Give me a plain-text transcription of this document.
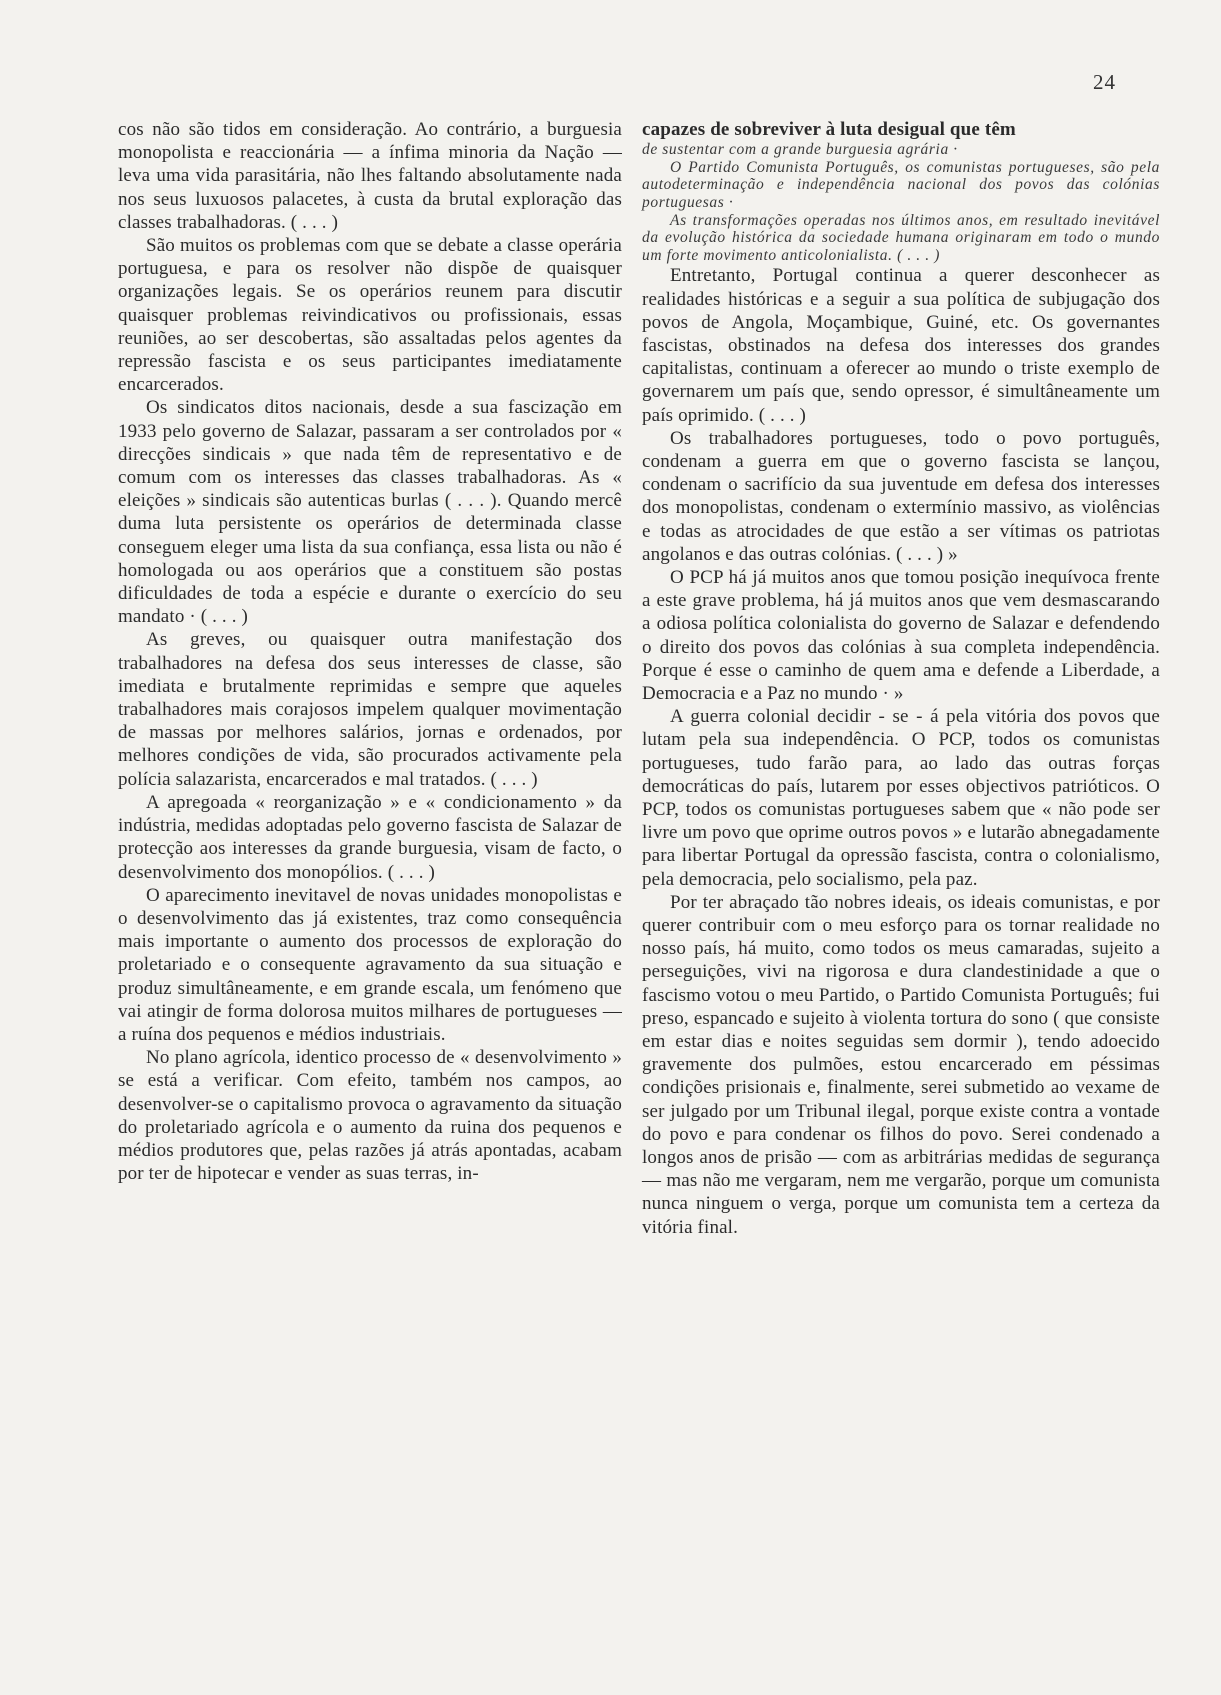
24

cos não são tidos em consideração. Ao contrário, a burguesia monopolista e reaccionária — a ínfima minoria da Nação — leva uma vida parasitária, não lhes faltando absolutamente nada nos seus luxuosos palacetes, à custa da brutal exploração das classes trabalhadoras. ( . . . )

São muitos os problemas com que se debate a classe operária portuguesa, e para os resolver não dispõe de quaisquer organizações legais. Se os operários reunem para discutir quaisquer problemas reivindicativos ou profissionais, essas reuniões, ao ser descobertas, são assaltadas pelos agentes da repressão fascista e os seus participantes imediatamente encarcerados.

Os sindicatos ditos nacionais, desde a sua fascização em 1933 pelo governo de Salazar, passaram a ser controlados por « direcções sindicais » que nada têm de representativo e de comum com os interesses das classes trabalhadoras. As « eleições » sindicais são autenticas burlas ( . . . ). Quando mercê duma luta persistente os operários de determinada classe conseguem eleger uma lista da sua confiança, essa lista ou não é homologada ou aos operários que a constituem são postas dificuldades de toda a espécie e durante o exercício do seu mandato · ( . . . )

As greves, ou quaisquer outra manifestação dos trabalhadores na defesa dos seus interesses de classe, são imediata e brutalmente reprimidas e sempre que aqueles trabalhadores mais corajosos impelem qualquer movimentação de massas por melhores salários, jornas e ordenados, por melhores condições de vida, são procurados activamente pela polícia salazarista, encarcerados e mal tratados. ( . . . )

A apregoada « reorganização » e « condicionamento » da indústria, medidas adoptadas pelo governo fascista de Salazar de protecção aos interesses da grande burguesia, visam de facto, o desenvolvimento dos monopólios. ( . . . )

O aparecimento inevitavel de novas unidades monopolistas e o desenvolvimento das já existentes, traz como consequência mais importante o aumento dos processos de exploração do proletariado e o consequente agravamento da sua situação e produz simultâneamente, e em grande escala, um fenómeno que vai atingir de forma dolorosa muitos milhares de portugueses — a ruína dos pequenos e médios industriais.

No plano agrícola, identico processo de « desenvolvimento » se está a verificar. Com efeito, também nos campos, ao desenvolver-se o capitalismo provoca o agravamento da situação do proletariado agrícola e o aumento da ruina dos pequenos e médios produtores que, pelas razões já atrás apontadas, acabam por ter de hipotecar e vender as suas terras, in-

capazes de sobreviver à luta desigual que têm

de sustentar com a grande burguesia agrária ·

O Partido Comunista Português, os comunistas portugueses, são pela autodeterminação e independência nacional dos povos das colónias portuguesas ·

As transformações operadas nos últimos anos, em resultado inevitável da evolução histórica da sociedade humana originaram em todo o mundo um forte movimento anticolonialista. ( . . . )

Entretanto, Portugal continua a querer desconhecer as realidades históricas e a seguir a sua política de subjugação dos povos de Angola, Moçambique, Guiné, etc. Os governantes fascistas, obstinados na defesa dos interesses dos grandes capitalistas, continuam a oferecer ao mundo o triste exemplo de governarem um país que, sendo opressor, é simultâneamente um país oprimido. ( . . . )

Os trabalhadores portugueses, todo o povo português, condenam a guerra em que o governo fascista se lançou, condenam o sacrifício da sua juventude em defesa dos interesses dos monopolistas, condenam o extermínio massivo, as violências e todas as atrocidades de que estão a ser vítimas os patriotas angolanos e das outras colónias. ( . . . ) »

O PCP há já muitos anos que tomou posição inequívoca frente a este grave problema, há já muitos anos que vem desmascarando a odiosa política colonialista do governo de Salazar e defendendo o direito dos povos das colónias à sua completa independência. Porque é esse o caminho de quem ama e defende a Liberdade, a Democracia e a Paz no mundo · »

A guerra colonial decidir - se - á pela vitória dos povos que lutam pela sua independência. O PCP, todos os comunistas portugueses, tudo farão para, ao lado das outras forças democráticas do país, lutarem por esses objectivos patrióticos. O PCP, todos os comunistas portugueses sabem que « não pode ser livre um povo que oprime outros povos » e lutarão abnegadamente para libertar Portugal da opressão fascista, contra o colonialismo, pela democracia, pelo socialismo, pela paz.

Por ter abraçado tão nobres ideais, os ideais comunistas, e por querer contribuir com o meu esforço para os tornar realidade no nosso país, há muito, como todos os meus camaradas, sujeito a perseguições, vivi na rigorosa e dura clandestinidade a que o fascismo votou o meu Partido, o Partido Comunista Português; fui preso, espancado e sujeito à violenta tortura do sono ( que consiste em estar dias e noites seguidas sem dormir ), tendo adoecido gravemente dos pulmões, estou encarcerado em péssimas condições prisionais e, finalmente, serei submetido ao vexame de ser julgado por um Tribunal ilegal, porque existe contra a vontade do povo e para condenar os filhos do povo. Serei condenado a longos anos de prisão — com as arbitrárias medidas de segurança — mas não me vergaram, nem me vergarão, porque um comunista nunca ninguem o verga, porque um comunista tem a certeza da vitória final.
